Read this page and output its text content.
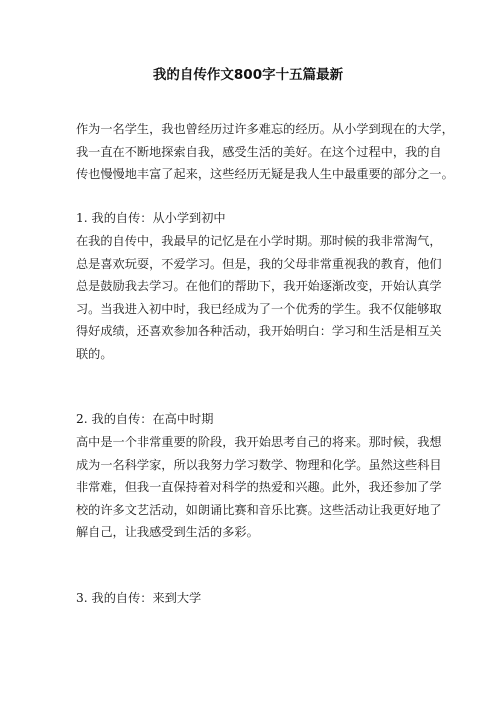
我的自传作文800字十五篇最新
作为一名学生，我也曾经历过许多难忘的经历。从小学到现在的大学，
我一直在不断地探索自我，感受生活的美好。在这个过程中，我的自
传也慢慢地丰富了起来，这些经历无疑是我人生中最重要的部分之一。
1. 我的自传：从小学到初中
在我的自传中，我最早的记忆是在小学时期。那时候的我非常淘气，
总是喜欢玩耍，不爱学习。但是，我的父母非常重视我的教育，他们
总是鼓励我去学习。在他们的帮助下，我开始逐渐改变，开始认真学
习。当我进入初中时，我已经成为了一个优秀的学生。我不仅能够取
得好成绩，还喜欢参加各种活动，我开始明白：学习和生活是相互关
联的。
2. 我的自传：在高中时期
高中是一个非常重要的阶段，我开始思考自己的将来。那时候，我想
成为一名科学家，所以我努力学习数学、物理和化学。虽然这些科目
非常难，但我一直保持着对科学的热爱和兴趣。此外，我还参加了学
校的许多文艺活动，如朗诵比赛和音乐比赛。这些活动让我更好地了
解自己，让我感受到生活的多彩。
3. 我的自传：来到大学
